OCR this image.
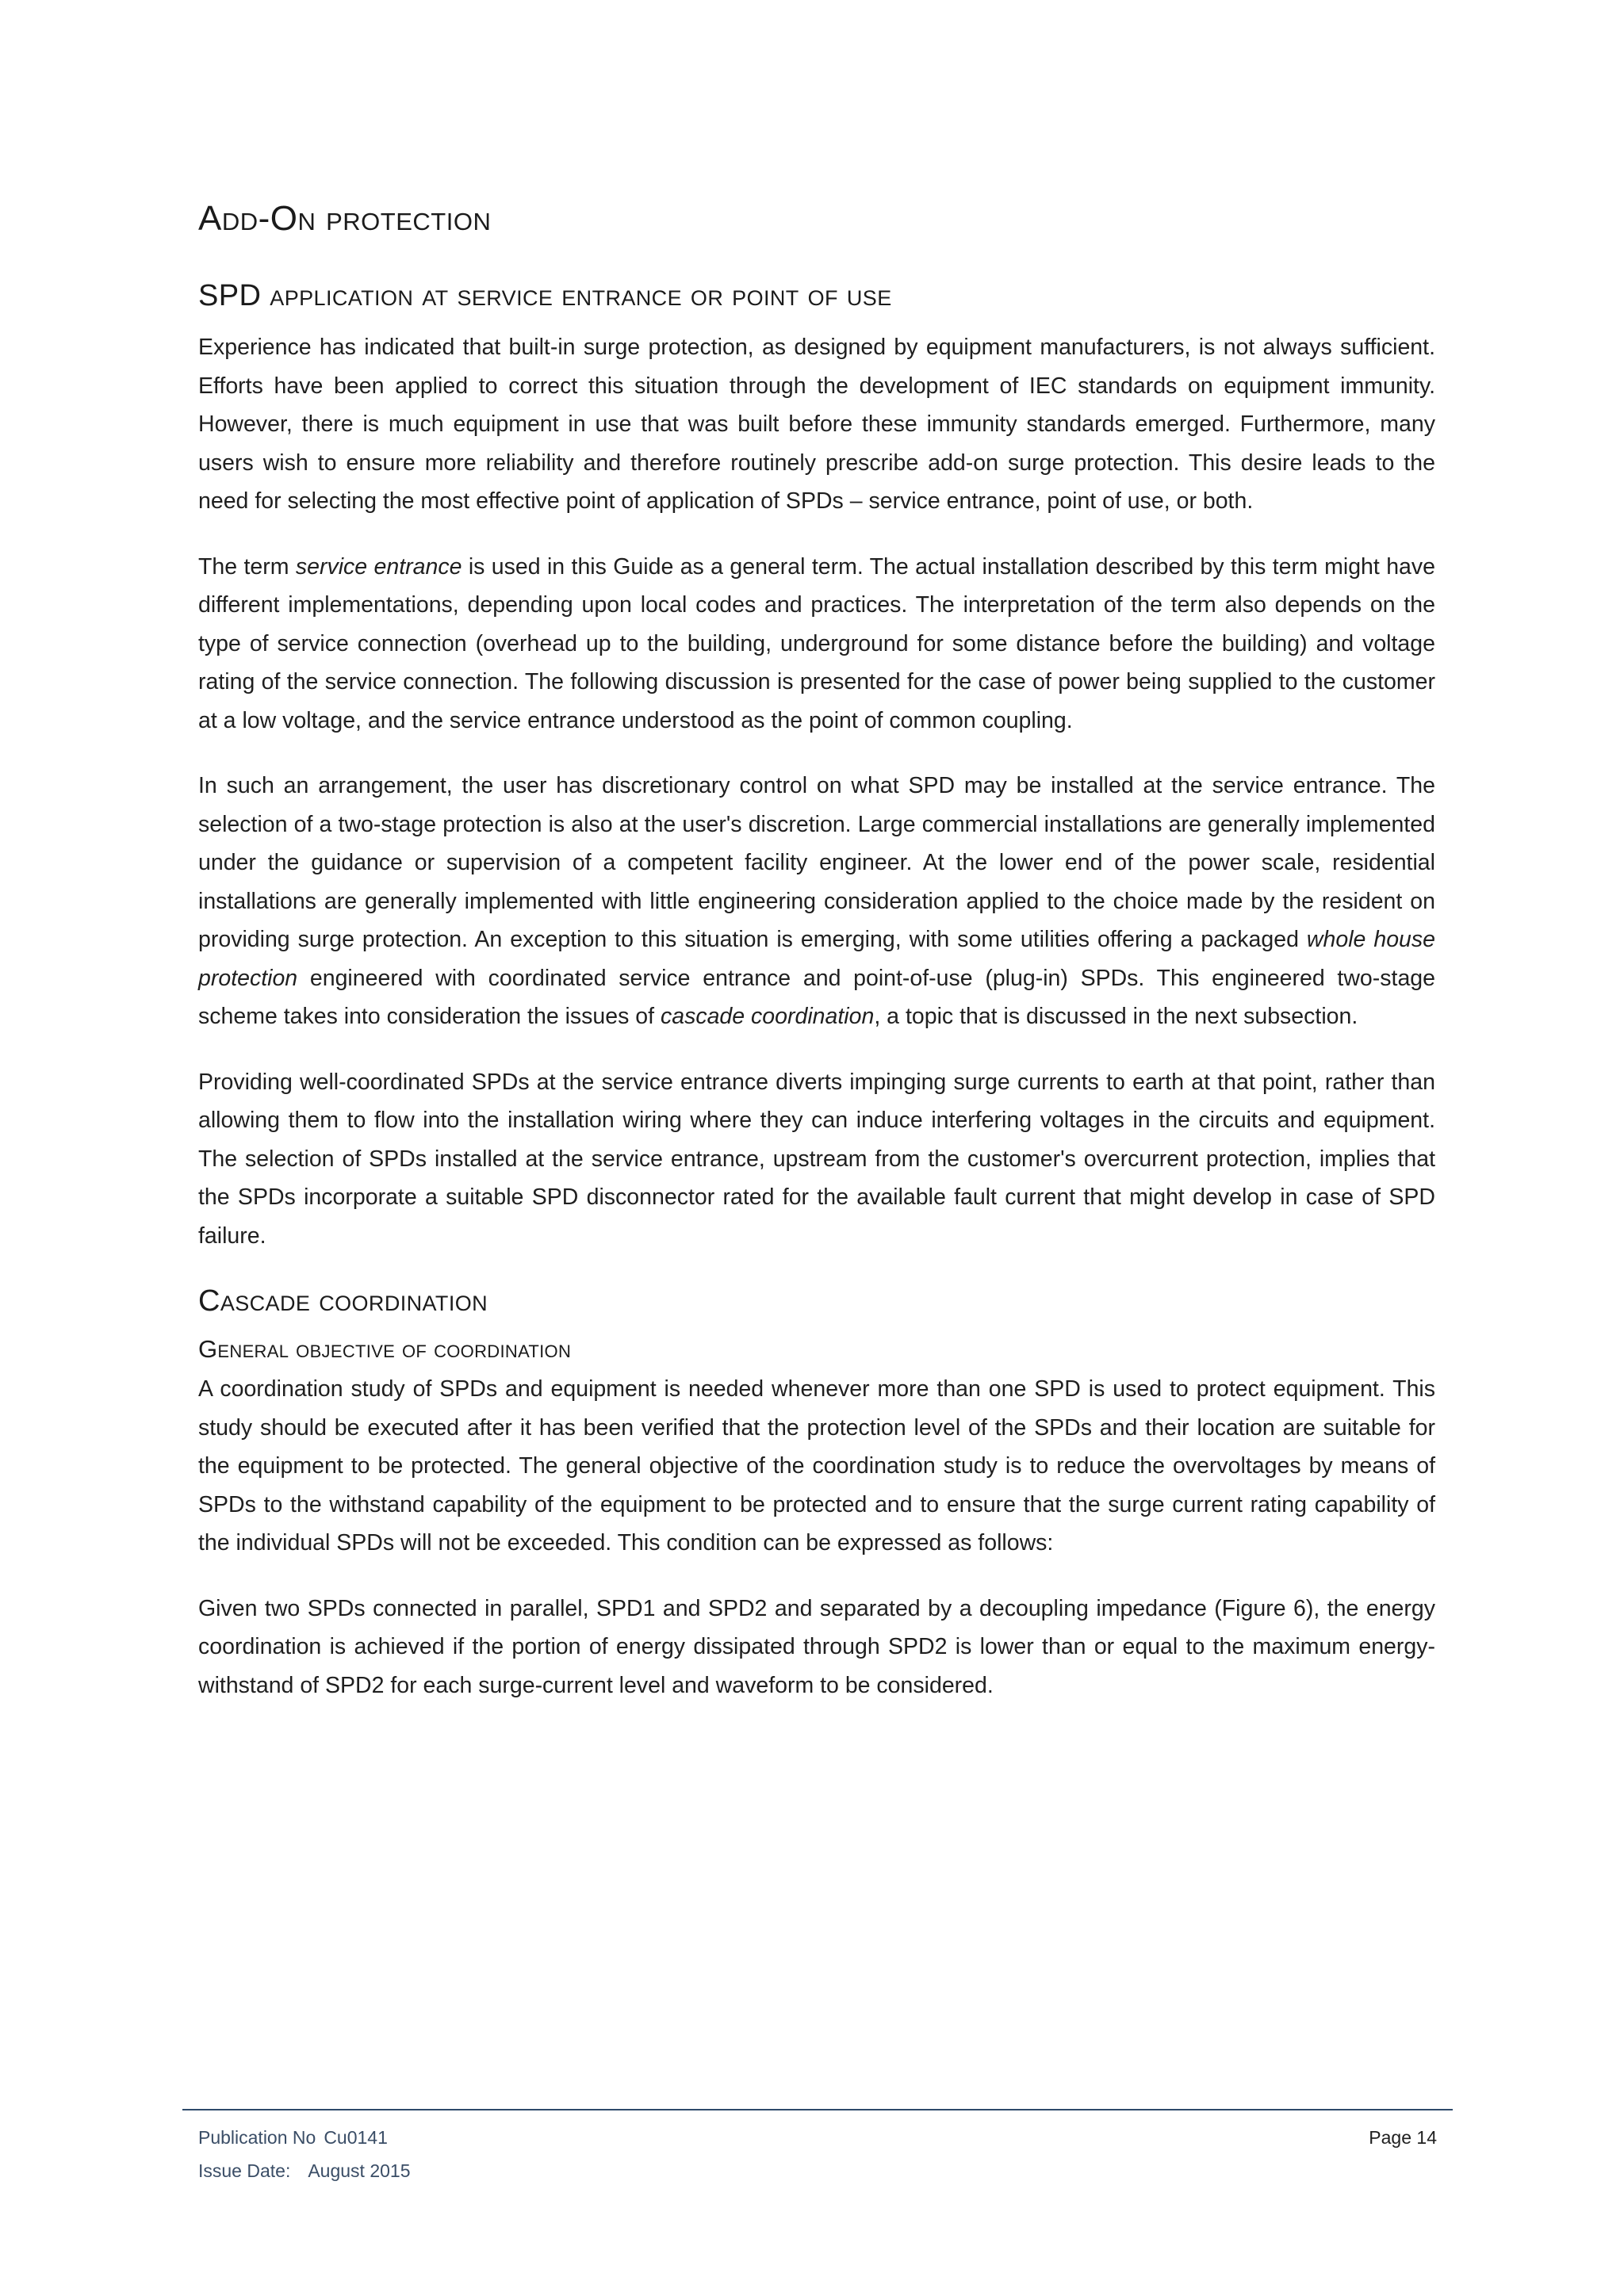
Add-On protection
SPD application at service entrance or point of use

Experience has indicated that built-in surge protection, as designed by equipment manufacturers, is not always sufficient. Efforts have been applied to correct this situation through the development of IEC standards on equipment immunity. However, there is much equipment in use that was built before these immunity standards emerged. Furthermore, many users wish to ensure more reliability and therefore routinely prescribe add-on surge protection. This desire leads to the need for selecting the most effective point of application of SPDs – service entrance, point of use, or both.

The term service entrance is used in this Guide as a general term. The actual installation described by this term might have different implementations, depending upon local codes and practices. The interpretation of the term also depends on the type of service connection (overhead up to the building, underground for some distance before the building) and voltage rating of the service connection. The following discussion is presented for the case of power being supplied to the customer at a low voltage, and the service entrance understood as the point of common coupling.

In such an arrangement, the user has discretionary control on what SPD may be installed at the service entrance. The selection of a two-stage protection is also at the user's discretion. Large commercial installations are generally implemented under the guidance or supervision of a competent facility engineer. At the lower end of the power scale, residential installations are generally implemented with little engineering consideration applied to the choice made by the resident on providing surge protection. An exception to this situation is emerging, with some utilities offering a packaged whole house protection engineered with coordinated service entrance and point-of-use (plug-in) SPDs. This engineered two-stage scheme takes into consideration the issues of cascade coordination, a topic that is discussed in the next subsection.

Providing well-coordinated SPDs at the service entrance diverts impinging surge currents to earth at that point, rather than allowing them to flow into the installation wiring where they can induce interfering voltages in the circuits and equipment. The selection of SPDs installed at the service entrance, upstream from the customer's overcurrent protection, implies that the SPDs incorporate a suitable SPD disconnector rated for the available fault current that might develop in case of SPD failure.

Cascade coordination
General objective of coordination

A coordination study of SPDs and equipment is needed whenever more than one SPD is used to protect equipment. This study should be executed after it has been verified that the protection level of the SPDs and their location are suitable for the equipment to be protected. The general objective of the coordination study is to reduce the overvoltages by means of SPDs to the withstand capability of the equipment to be protected and to ensure that the surge current rating capability of the individual SPDs will not be exceeded. This condition can be expressed as follows:

Given two SPDs connected in parallel, SPD1 and SPD2 and separated by a decoupling impedance (Figure 6), the energy coordination is achieved if the portion of energy dissipated through SPD2 is lower than or equal to the maximum energy-withstand of SPD2 for each surge-current level and waveform to be considered.

Publication No Cu0141
Issue Date: August 2015
Page 14
